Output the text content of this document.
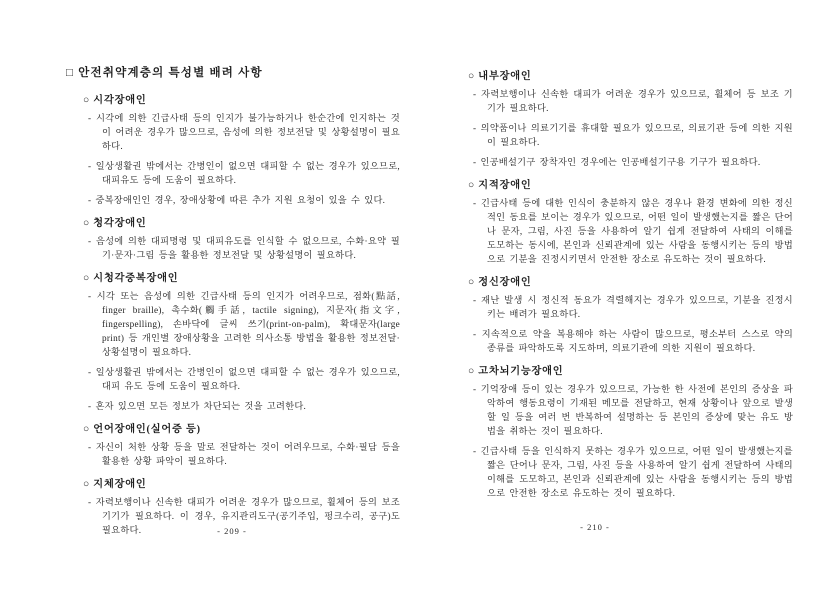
□ 안전취약계층의 특성별 배려 사항
○ 시각장애인

- 시각에 의한 긴급사태 등의 인지가 불가능하거나 한순간에 인지하는 것이 어려운 경우가 많으므로, 음성에 의한 정보전달 및 상황설명이 필요하다.

- 일상생활권 밖에서는 간병인이 없으면 대피할 수 없는 경우가 있으므로, 대피유도 등에 도움이 필요하다.

- 중복장애인인 경우, 장애상황에 따른 추가 지원 요청이 있을 수 있다.

○ 청각장애인

- 음성에 의한 대피명령 및 대피유도를 인식할 수 없으므로, 수화·요약 필기·문자·그림 등을 활용한 정보전달 및 상황설명이 필요하다.

○ 시청각중복장애인

- 시각 또는 음성에 의한 긴급사태 등의 인지가 어려우므로, 점화(點話, finger braille), 촉수화(觸手話, tactile signing), 지문자(指文字, fingerspelling), 손바닥에 글씨 쓰기(print-on-palm), 확대문자(large print) 등 개인별 장애상황을 고려한 의사소통 방법을 활용한 정보전달·상황설명이 필요하다.

- 일상생활권 밖에서는 간병인이 없으면 대피할 수 없는 경우가 있으므로, 대피 유도 등에 도움이 필요하다.

- 혼자 있으면 모든 정보가 차단되는 것을 고려한다.

○ 언어장애인(실어증 등)

- 자신이 처한 상황 등을 말로 전달하는 것이 어려우므로, 수화·필담 등을 활용한 상황 파악이 필요하다.

○ 지체장애인

- 자력보행이나 신속한 대피가 어려운 경우가 많으므로, 휠체어 등의 보조 기기가 필요하다. 이 경우, 유지관리도구(공기주입, 펑크수리, 공구)도 필요하다.

○ 내부장애인

- 자력보행이나 신속한 대피가 어려운 경우가 있으므로, 휠체어 등 보조 기기가 필요하다.

- 의약품이나 의료기기를 휴대할 필요가 있으므로, 의료기관 등에 의한 지원이 필요하다.

- 인공배설기구 장착자인 경우에는 인공배설기구용 기구가 필요하다.

○ 지적장애인

- 긴급사태 등에 대한 인식이 충분하지 않은 경우나 환경 변화에 의한 정신적인 동요를 보이는 경우가 있으므로, 어떤 일이 발생했는지를 짧은 단어나 문자, 그림, 사진 등을 사용하여 알기 쉽게 전달하여 사태의 이해를 도모하는 동시에, 본인과 신뢰관계에 있는 사람을 동행시키는 등의 방법으로 기분을 진정시키면서 안전한 장소로 유도하는 것이 필요하다.

○ 정신장애인

- 재난 발생 시 정신적 동요가 격렬해지는 경우가 있으므로, 기분을 진정시키는 배려가 필요하다.

- 지속적으로 약을 복용해야 하는 사람이 많으므로, 평소부터 스스로 약의 종류를 파악하도록 지도하며, 의료기관에 의한 지원이 필요하다.

○ 고차뇌기능장애인

- 기억장애 등이 있는 경우가 있으므로, 가능한 한 사전에 본인의 증상을 파악하여 행동요령이 기재된 메모를 전달하고, 현재 상황이나 앞으로 발생할 일 등을 여러 번 반복하여 설명하는 등 본인의 증상에 맞는 유도 방법을 취하는 것이 필요하다.

- 긴급사태 등을 인식하지 못하는 경우가 있으므로, 어떤 일이 발생했는지를 짧은 단어나 문자, 그림, 사진 등을 사용하여 알기 쉽게 전달하여 사태의 이해를 도모하고, 본인과 신뢰관계에 있는 사람을 동행시키는 등의 방법으로 안전한 장소로 유도하는 것이 필요하다.

- 209 -	- 210 -
